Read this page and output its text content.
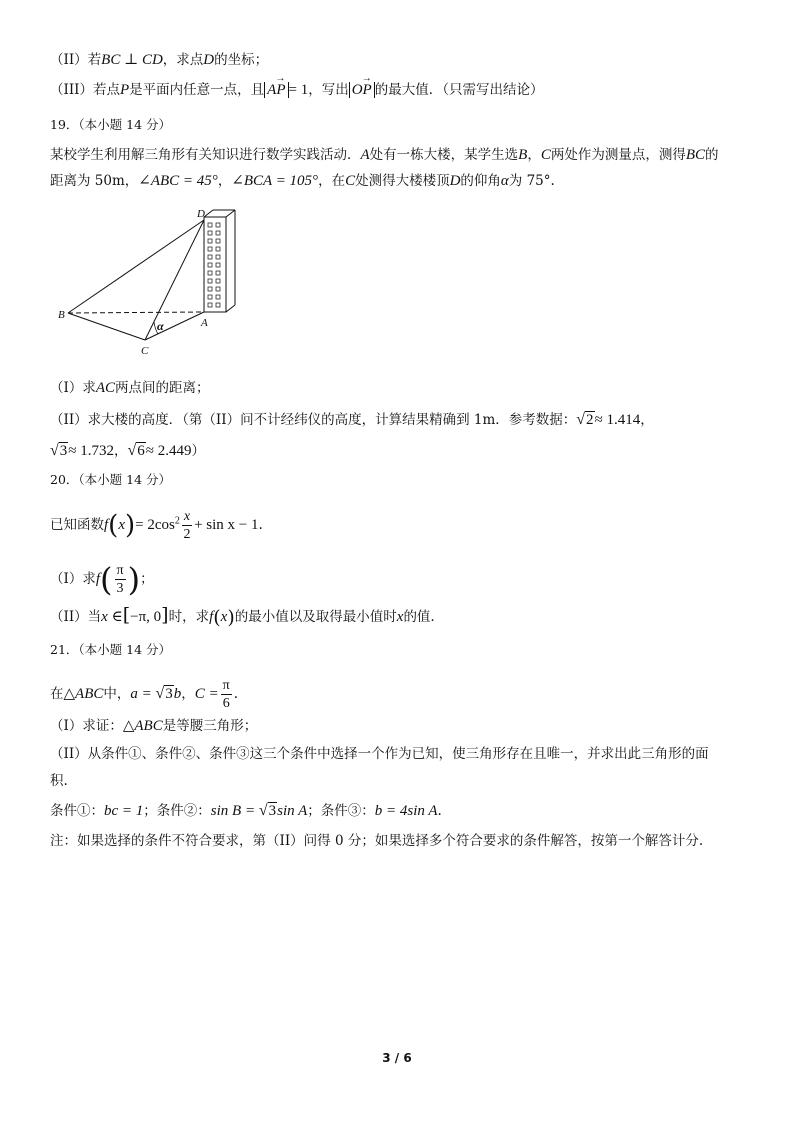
（II）若BC ⊥ CD，求点D的坐标；
（III）若点P是平面内任意一点，且 → AP = 1，写出 → OP 的最大值．（只需写出结论）
19．（本小题 14 分）
某校学生利用解三角形有关知识进行数学实践活动．A处有一栋大楼，某学生选B，C两处作为测量点，测得BC的
距离为 50m，∠ABC = 45°，∠BCA = 105°，在C处测得大楼楼顶D的仰角α为 75°.
D
B
A
C
α
（I）求AC两点间的距离；
（II）求大楼的高度．（第（II）问不计经纬仪的高度，计算结果精确到 1m．参考数据：√2≈ 1.414，
√3≈ 1.732，√6≈ 2.449）
20．（本小题 14 分）
已知函数$f(x)= 2\cos^2 \frac{x}{2} + \sin x - 1$.
（I）求$f( \frac{\pi}{3}$ )；
（II）当x ∈[−π, 0]时，求f(x)的最小值以及取得最小值时x的值.
21．（本小题 14 分）
在△ABC中，a = √3b，$C = \frac{\pi}{6}$ .
（I）求证：△ABC是等腰三角形；
（II）从条件①、条件②、条件③这三个条件中选择一个作为已知，使三角形存在且唯一，并求出此三角形的面
积.
条件①：bc = 1；条件②：sin B = √3sin A；条件③：b = 4sin A.
注：如果选择的条件不符合要求，第（II）问得 0 分；如果选择多个符合要求的条件解答，按第一个解答计分.
3 / 6
